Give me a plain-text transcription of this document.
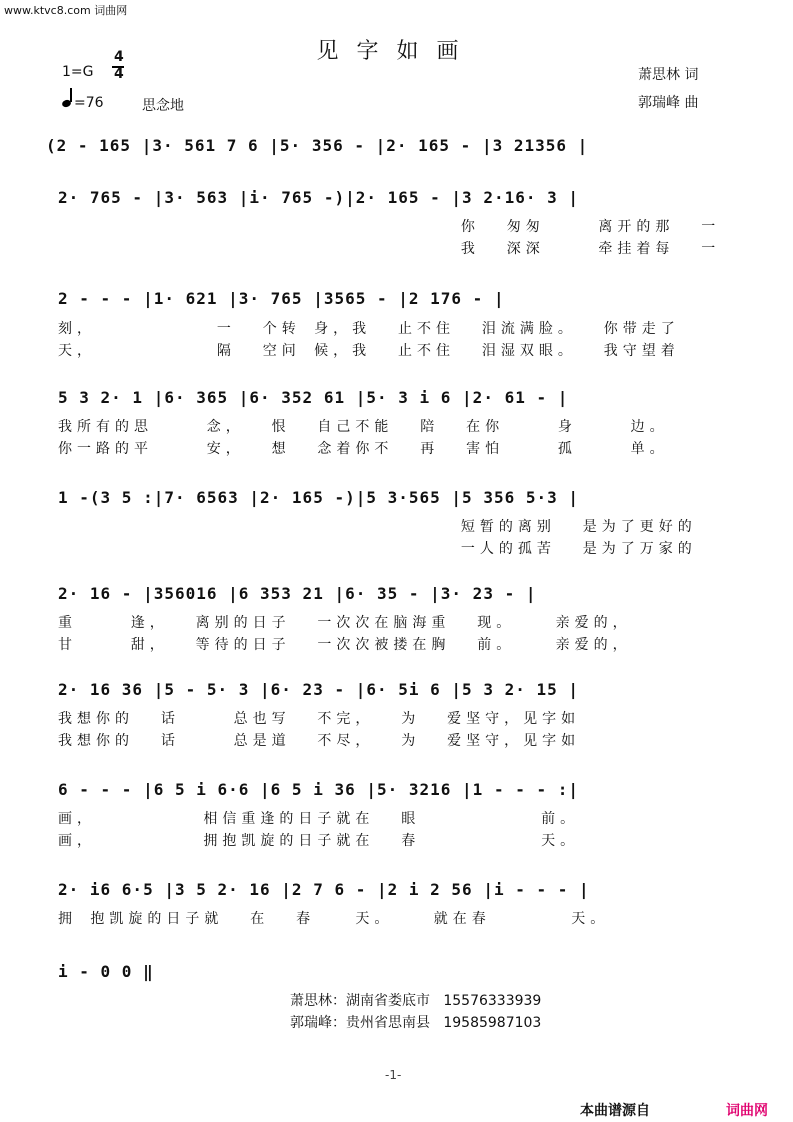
www.ktvc8.com 词曲网
见字如画
1=G
4
4
=76	思念地
萧思林 词
郭瑞峰 曲
(2 - 165 |3· 561 7 6 |5· 356 - |2· 165 - |3 21356 |
2· 765 - |3· 563 |i· 765 -)|2· 165 - |3 2·16· 3 |
你  匆匆    离开的那  一
我  深深    牵挂着每  一
2 - - - |1· 621 |3· 765 |3565 - |2 176 - |
刻，         一  个转 身，我  止不住  泪流满脸。  你带走了
天，         隔  空问 候，我  止不住  泪湿双眼。  我守望着
5 3 2· 1 |6· 365 |6· 352 61 |5· 3 i 6 |2· 61 - |
我所有的思    念，  恨  自己不能  陪  在你    身    边。
你一路的平    安，  想  念着你不  再  害怕    孤    单。
1 -(3 5 :|7· 6563 |2· 165 -)|5 3·565 |5 356 5·3 |
短暂的离别  是为了更好的
一人的孤苦  是为了万家的
2· 16 - |356016 |6 353 21 |6· 35 - |3· 23 - |
重    逢，  离别的日子  一次次在脑海重  现。   亲爱的，
甘    甜，  等待的日子  一次次被搂在胸  前。   亲爱的，
2· 16 36 |5 - 5· 3 |6· 23 - |6· 5i 6 |5 3 2· 15 |
我想你的  话    总也写  不完，  为  爱坚守，见字如
我想你的  话    总是道  不尽，  为  爱坚守，见字如
6 - - - |6 5 i 6·6 |6 5 i 36 |5· 3216 |1 - - - :|
画，        相信重逢的日子就在  眼         前。
画，        拥抱凯旋的日子就在  春         天。
2· i6 6·5 |3 5 2· 16 |2 7 6 - |2 i 2 56 |i - - - |
拥 抱凯旋的日子就  在  春   天。   就在春      天。
i - 0 0 ‖
萧思林：湖南省娄底市   15576333939
郭瑞峰：贵州省思南县   19585987103
-1-
本曲谱源自	词曲网
